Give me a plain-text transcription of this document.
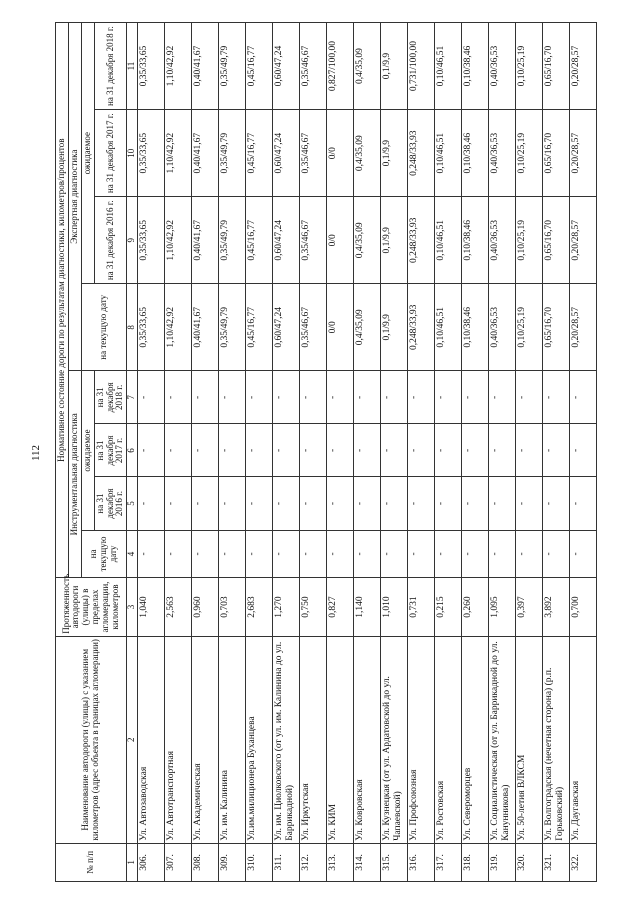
112
№ п/п	Наименование автодороги (улицы) с указанием километров (адрес объекта в границах агломерации)	Протяженность автодороги (улицы) в пределах агломерации, километров	Нормативное состояние дороги по результатам диагностики, километров/процентов							
			Инструментальная диагностика				Экспертная диагностика			
			на текущую дату	ожидаемое			на текущую дату	ожидаемое		
				на 31 декабря 2016 г.	на 31 декабря 2017 г.	на 31 декабря 2018 г.		на 31 декабря 2016 г.	на 31 декабря 2017 г.	на 31 декабря 2018 г.
1	2	3	4	5	6	7	8	9	10	11
306.	Ул. Автозаводская	1,040	-	-	-	-	0,35/33,65	0,35/33,65	0,35/33,65	0,35/33,65
307.	Ул. Автотранспортная	2,563	-	-	-	-	1,10/42,92	1,10/42,92	1,10/42,92	1,10/42,92
308.	Ул. Академическая	0,960	-	-	-	-	0,40/41,67	0,40/41,67	0,40/41,67	0,40/41,67
309.	Ул. им. Калинина	0,703	-	-	-	-	0,35/49,79	0,35/49,79	0,35/49,79	0,35/49,79
310.	Ул.им.милиционера Буханцева	2,683	-	-	-	-	0,45/16,77	0,45/16,77	0,45/16,77	0,45/16,77
311.	Ул. им. Циолковского (от ул. им. Калинина до ул. Баррикадной)	1,270	-	-	-	-	0,60/47,24	0,60/47,24	0,60/47,24	0,60/47,24
312.	Ул. Иркутская	0,750	-	-	-	-	0,35/46,67	0,35/46,67	0,35/46,67	0,35/46,67
313.	Ул. КИМ	0,827	-	-	-	-	0/0	0/0	0/0	0,827/100,00
314.	Ул. Ковровская	1,140	-	-	-	-	0,4/35,09	0,4/35,09	0,4/35,09	0,4/35,09
315.	Ул. Кузнецкая (от ул. Ардатовской до ул. Чапаевской)	1,010	-	-	-	-	0,1/9,9	0,1/9,9	0,1/9,9	0,1/9,9
316.	Ул. Профсоюзная	0,731	-	-	-	-	0,248/33,93	0,248/33,93	0,248/33,93	0,731/100,00
317.	Ул. Ростовская	0,215	-	-	-	-	0,10/46,51	0,10/46,51	0,10/46,51	0,10/46,51
318.	Ул. Североморцев	0,260	-	-	-	-	0,10/38,46	0,10/38,46	0,10/38,46	0,10/38,46
319.	Ул. Социалистическая (от ул. Баррикадной до ул. Канунникова)	1,095	-	-	-	-	0,40/36,53	0,40/36,53	0,40/36,53	0,40/36,53
320.	Ул. 50-летия ВЛКСМ	0,397	-	-	-	-	0,10/25,19	0,10/25,19	0,10/25,19	0,10/25,19
321.	Ул. Волгоградская (нечетная сторона) (р.п. Горьковский)	3,892	-	-	-	-	0,65/16,70	0,65/16,70	0,65/16,70	0,65/16,70
322.	Ул. Даугавская	0,700	-	-	-	-	0,20/28,57	0,20/28,57	0,20/28,57	0,20/28,57
